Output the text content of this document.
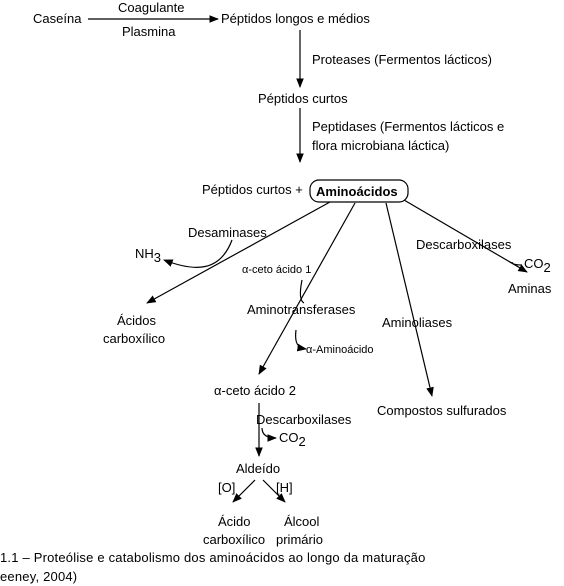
Caseína
Coagulante
Plasmina
Péptidos longos e médios
Proteases (Fermentos lácticos)
Péptidos curtos
Peptidases (Fermentos lácticos e
flora microbiana láctica)
Péptidos curtos + Aminoácidos
Desaminases
NH3
Ácidos
carboxílico
α-ceto ácido 1
Aminotransferases
α-Aminoácido
α-ceto ácido 2
Descarboxilases
CO2
Aldeído
[O]	[H]
Ácido
carboxílico
Álcool
primário
Aminoliases
Compostos sulfurados
Descarboxilases
CO2
Aminas
1.1 – Proteólise e catabolismo dos aminoácidos ao longo da maturação
eeney, 2004)
